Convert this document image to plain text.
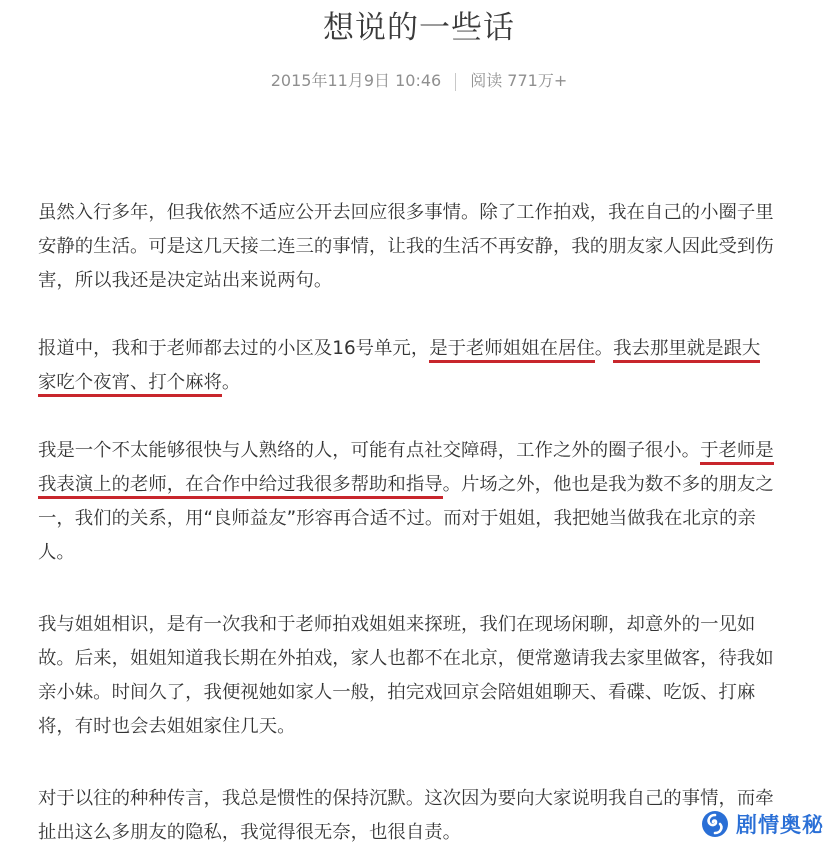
想说的一些话
2015年11月9日 10:46 阅读 771万+

虽然入行多年，但我依然不适应公开去回应很多事情。除了工作拍戏，我在自己的小圈子里
安静的生活。可是这几天接二连三的事情，让我的生活不再安静，我的朋友家人因此受到伤
害，所以我还是决定站出来说两句。

报道中，我和于老师都去过的小区及16号单元，是于老师姐姐在居住。我去那里就是跟大
家吃个夜宵、打个麻将。

我是一个不太能够很快与人熟络的人，可能有点社交障碍，工作之外的圈子很小。于老师是
我表演上的老师，在合作中给过我很多帮助和指导。片场之外，他也是我为数不多的朋友之
一，我们的关系，用“良师益友”形容再合适不过。而对于姐姐，我把她当做我在北京的亲
人。

我与姐姐相识，是有一次我和于老师拍戏姐姐来探班，我们在现场闲聊，却意外的一见如
故。后来，姐姐知道我长期在外拍戏，家人也都不在北京，便常邀请我去家里做客，待我如
亲小妹。时间久了，我便视她如家人一般，拍完戏回京会陪姐姐聊天、看碟、吃饭、打麻
将，有时也会去姐姐家住几天。

对于以往的种种传言，我总是惯性的保持沉默。这次因为要向大家说明我自己的事情，而牵
扯出这么多朋友的隐私，我觉得很无奈，也很自责。	剧情奥秘
